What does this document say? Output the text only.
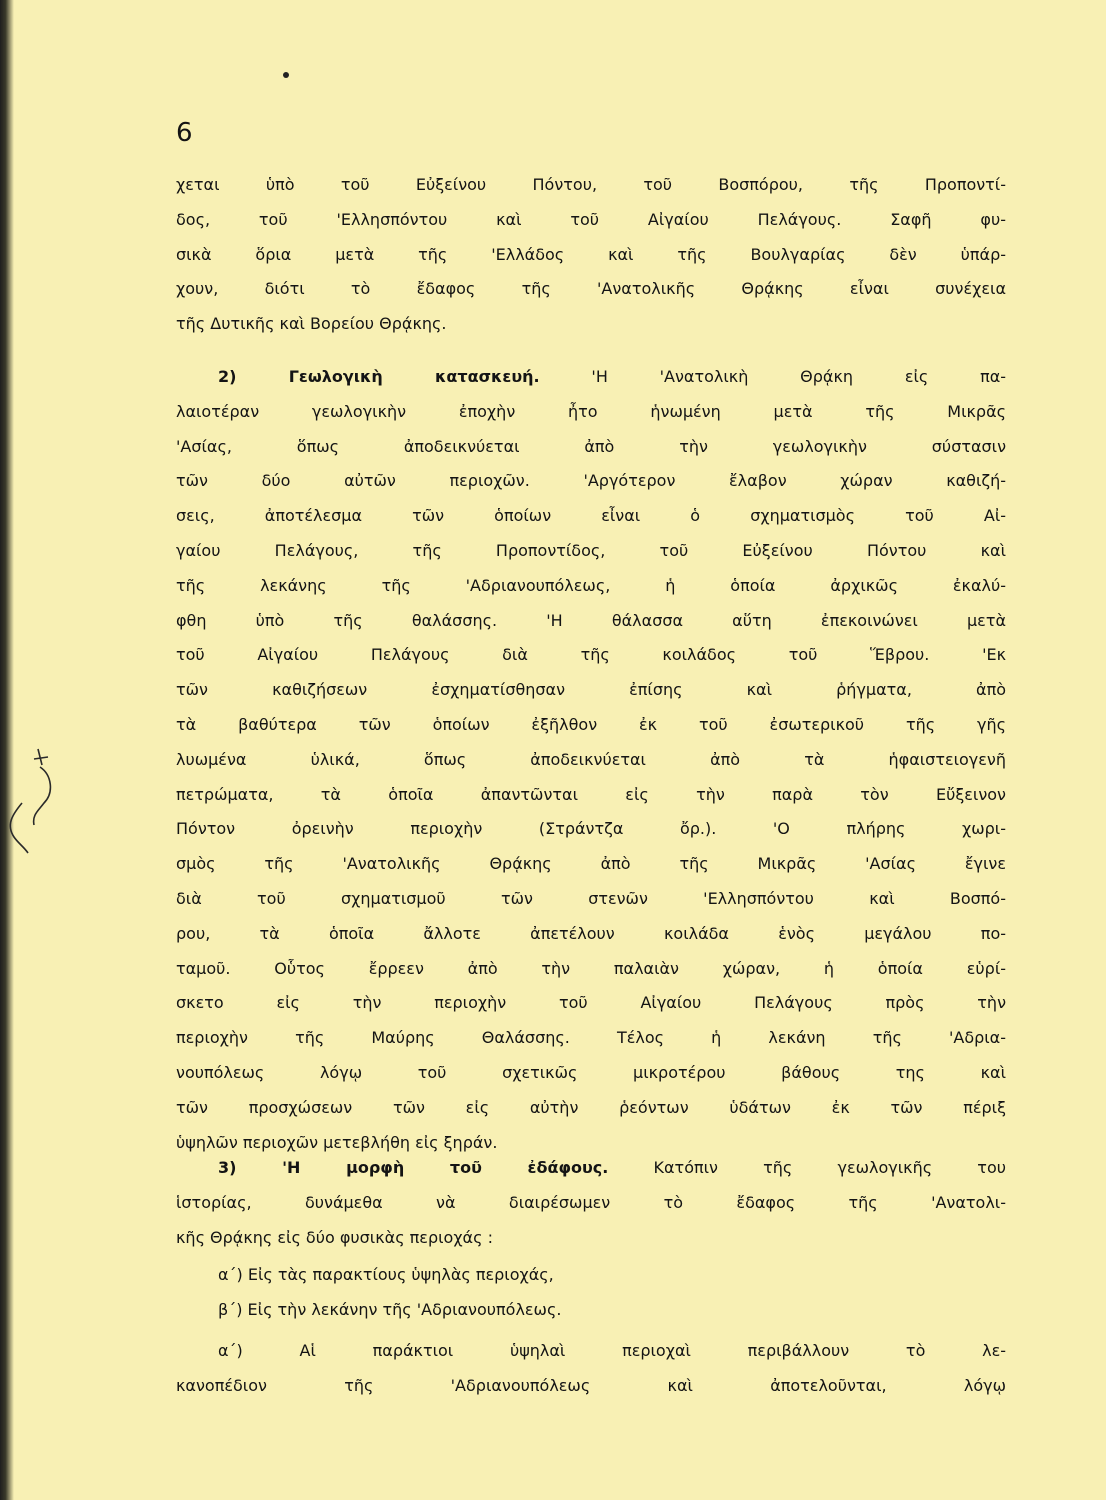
6
χεται ὑπὸ τοῦ Εὐξείνου Πόντου, τοῦ Βοσπόρου, τῆς Προποντί-
δος, τοῦ 'Ελλησπόντου καὶ τοῦ Αἰγαίου Πελάγους. Σαφῆ φυ-
σικὰ ὅρια μετὰ τῆς 'Ελλάδος καὶ τῆς Βουλγαρίας δὲν ὑπάρ-
χουν, διότι τὸ ἔδαφος τῆς 'Ανατολικῆς Θρᾴκης εἶναι συνέχεια
τῆς Δυτικῆς καὶ Βορείου Θρᾴκης.
2) Γεωλογικὴ κατασκευή.	'Η 'Ανατολικὴ Θρᾴκη εἰς πα-
λαιοτέραν γεωλογικὴν ἐποχὴν ἦτο ἡνωμένη μετὰ τῆς Μικρᾶς
'Ασίας, ὅπως ἀποδεικνύεται ἀπὸ τὴν γεωλογικὴν σύστασιν
τῶν δύο αὐτῶν περιοχῶν. 'Αργότερον ἔλαβον χώραν καθιζή-
σεις, ἀποτέλεσμα τῶν ὁποίων εἶναι ὁ σχηματισμὸς τοῦ Αἰ-
γαίου Πελάγους, τῆς Προποντίδος, τοῦ Εὐξείνου Πόντου καὶ
τῆς λεκάνης τῆς 'Αδριανουπόλεως, ἡ ὁποία ἀρχικῶς ἐκαλύ-
φθη ὑπὸ τῆς θαλάσσης. 'Η θάλασσα αὕτη ἐπεκοινώνει μετὰ
τοῦ Αἰγαίου Πελάγους διὰ τῆς κοιλάδος τοῦ Ἕβρου. 'Εκ
τῶν καθιζήσεων ἐσχηματίσθησαν ἐπίσης καὶ ῥήγματα, ἀπὸ
τὰ βαθύτερα τῶν ὁποίων ἐξῆλθον ἐκ τοῦ ἐσωτερικοῦ τῆς γῆς
λυωμένα ὑλικά, ὅπως ἀποδεικνύεται ἀπὸ τὰ ἡφαιστειογενῆ
πετρώματα, τὰ ὁποῖα ἀπαντῶνται εἰς τὴν παρὰ τὸν Εὔξεινον
Πόντον ὀρεινὴν περιοχὴν (Στράντζα ὄρ.). 'Ο πλήρης χωρι-
σμὸς τῆς 'Ανατολικῆς Θρᾴκης ἀπὸ τῆς Μικρᾶς 'Ασίας ἔγινε
διὰ τοῦ σχηματισμοῦ τῶν στενῶν 'Ελλησπόντου καὶ Βοσπό-
ρου, τὰ ὁποῖα ἄλλοτε ἀπετέλουν κοιλάδα ἑνὸς μεγάλου πο-
ταμοῦ. Οὗτος ἔρρεεν ἀπὸ τὴν παλαιὰν χώραν, ἡ ὁποία εὑρί-
σκετο εἰς τὴν περιοχὴν τοῦ Αἰγαίου Πελάγους πρὸς τὴν
περιοχὴν τῆς Μαύρης Θαλάσσης. Τέλος ἡ λεκάνη τῆς 'Αδρια-
νουπόλεως λόγῳ τοῦ σχετικῶς μικροτέρου βάθους της καὶ
τῶν προσχώσεων τῶν εἰς αὐτὴν ῥεόντων ὑδάτων ἐκ τῶν πέριξ
ὑψηλῶν περιοχῶν μετεβλήθη εἰς ξηράν.
3) 'Η μορφὴ τοῦ ἐδάφους.	Κατόπιν τῆς γεωλογικῆς του
ἱστορίας, δυνάμεθα νὰ διαιρέσωμεν τὸ ἔδαφος τῆς 'Ανατολι-
κῆς Θρᾴκης εἰς δύο φυσικὰς περιοχάς :
α΄) Εἰς τὰς παρακτίους ὑψηλὰς περιοχάς,
β΄) Εἰς τὴν λεκάνην τῆς 'Αδριανουπόλεως.
α΄) Αἱ παράκτιοι ὑψηλαὶ περιοχαὶ περιβάλλουν τὸ λε-
κανοπέδιον τῆς 'Αδριανουπόλεως καὶ ἀποτελοῦνται, λόγῳ
